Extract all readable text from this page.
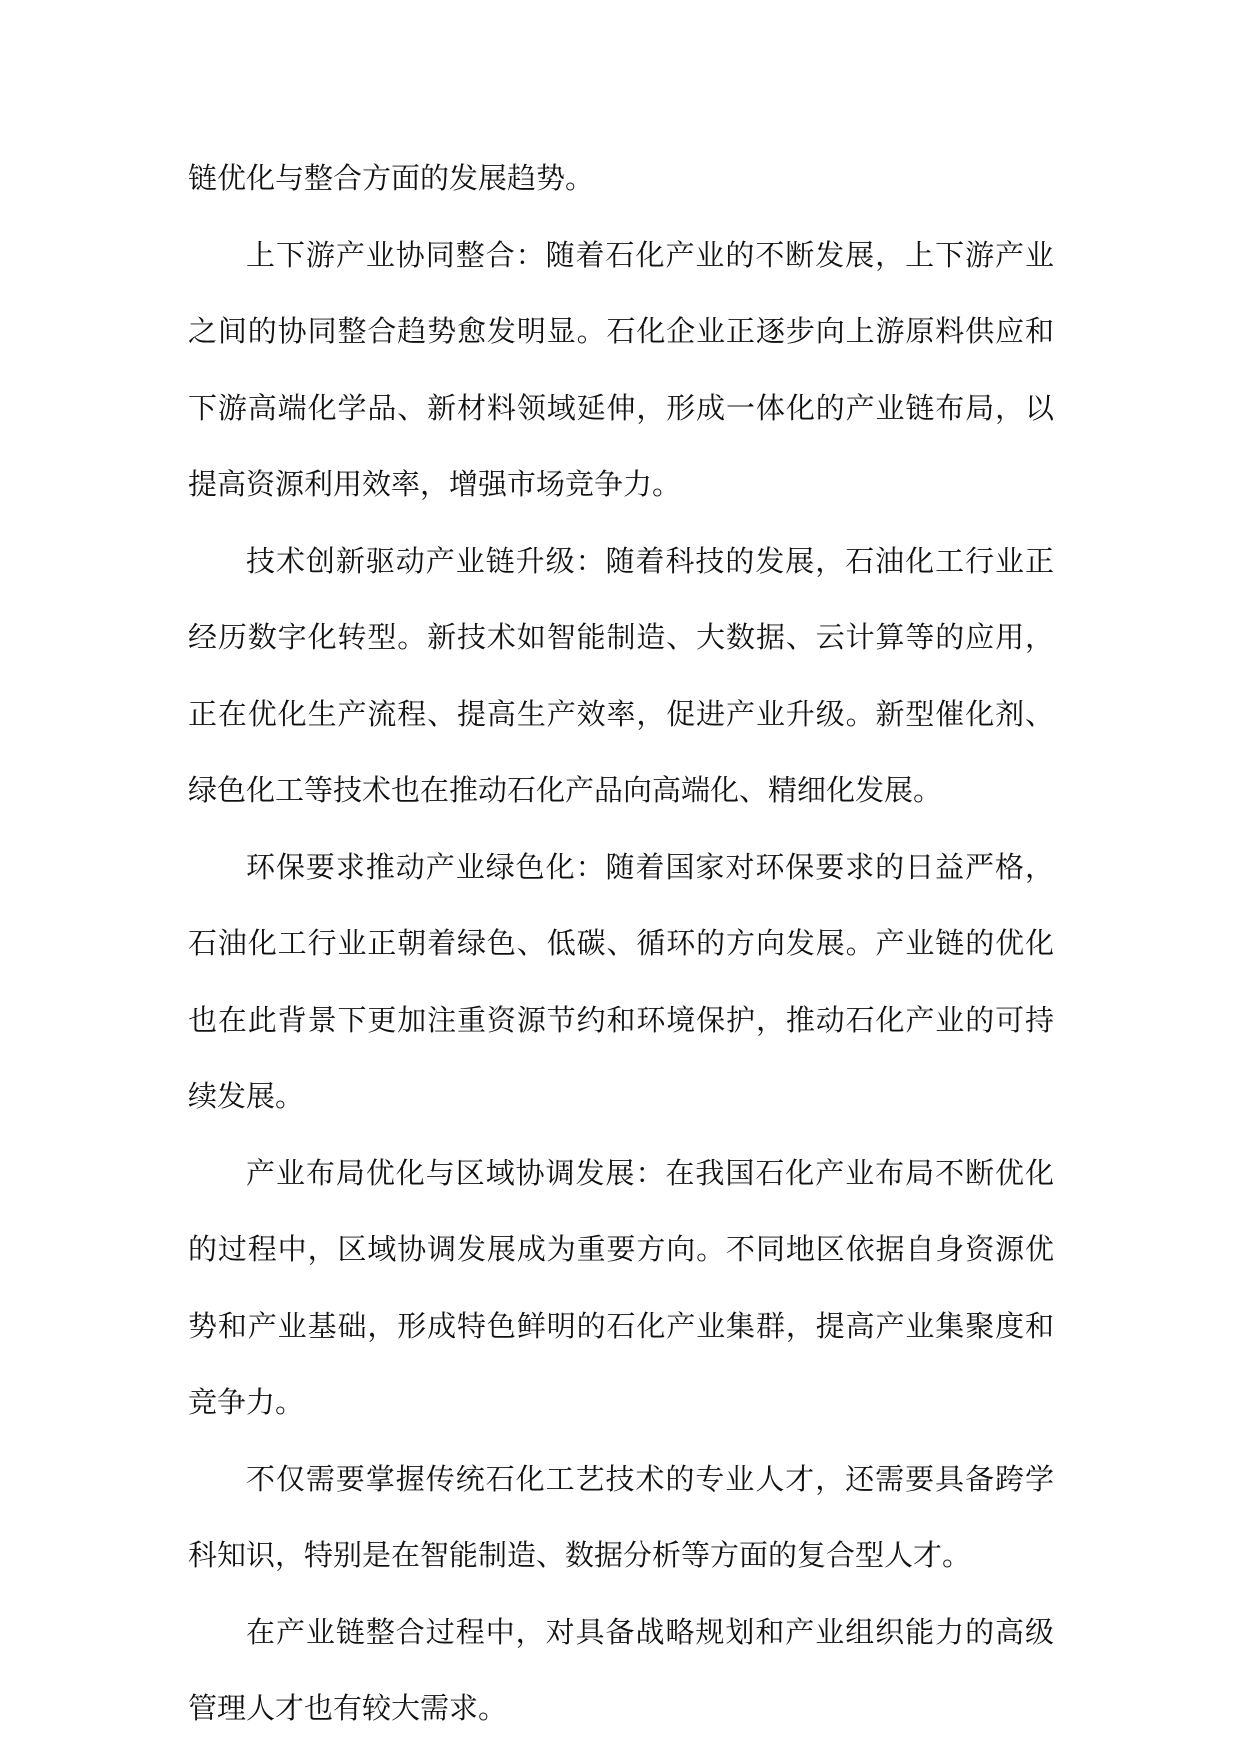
链优化与整合方面的发展趋势。

上下游产业协同整合：随着石化产业的不断发展，上下游产业之间的协同整合趋势愈发明显。石化企业正逐步向上游原料供应和下游高端化学品、新材料领域延伸，形成一体化的产业链布局，以提高资源利用效率，增强市场竞争力。

技术创新驱动产业链升级：随着科技的发展，石油化工行业正经历数字化转型。新技术如智能制造、大数据、云计算等的应用，正在优化生产流程、提高生产效率，促进产业升级。新型催化剂、绿色化工等技术也在推动石化产品向高端化、精细化发展。

环保要求推动产业绿色化：随着国家对环保要求的日益严格，石油化工行业正朝着绿色、低碳、循环的方向发展。产业链的优化也在此背景下更加注重资源节约和环境保护，推动石化产业的可持续发展。

产业布局优化与区域协调发展：在我国石化产业布局不断优化的过程中，区域协调发展成为重要方向。不同地区依据自身资源优势和产业基础，形成特色鲜明的石化产业集群，提高产业集聚度和竞争力。

不仅需要掌握传统石化工艺技术的专业人才，还需要具备跨学科知识，特别是在智能制造、数据分析等方面的复合型人才。

在产业链整合过程中，对具备战略规划和产业组织能力的高级管理人才也有较大需求。
